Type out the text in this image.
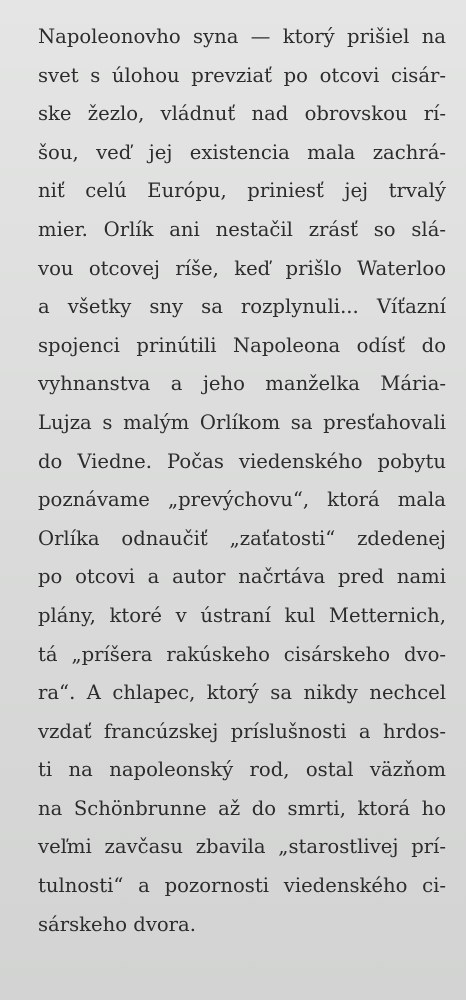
Napoleonovho syna — ktorý prišiel na
svet s úlohou prevziať po otcovi cisár-
ske žezlo, vládnuť nad obrovskou rí-
šou, veď jej existencia mala zachrá-
niť celú Európu, priniesť jej trvalý
mier. Orlík ani nestačil zrásť so slá-
vou otcovej ríše, keď prišlo Waterloo
a všetky sny sa rozplynuli... Víťazní
spojenci prinútili Napoleona odísť do
vyhnanstva a jeho manželka Mária-
Lujza s malým Orlíkom sa presťahovali
do Viedne. Počas viedenského pobytu
poznávame „prevýchovu“, ktorá mala
Orlíka odnaučiť „zaťatosti“ zdedenej
po otcovi a autor načrtáva pred nami
plány, ktoré v ústraní kul Metternich,
tá „príšera rakúskeho cisárskeho dvo-
ra“. A chlapec, ktorý sa nikdy nechcel
vzdať francúzskej príslušnosti a hrdos-
ti na napoleonský rod, ostal väzňom
na Schönbrunne až do smrti, ktorá ho
veľmi zavčasu zbavila „starostlivej prí-
tulnosti“ a pozornosti viedenského ci-
sárskeho dvora.
